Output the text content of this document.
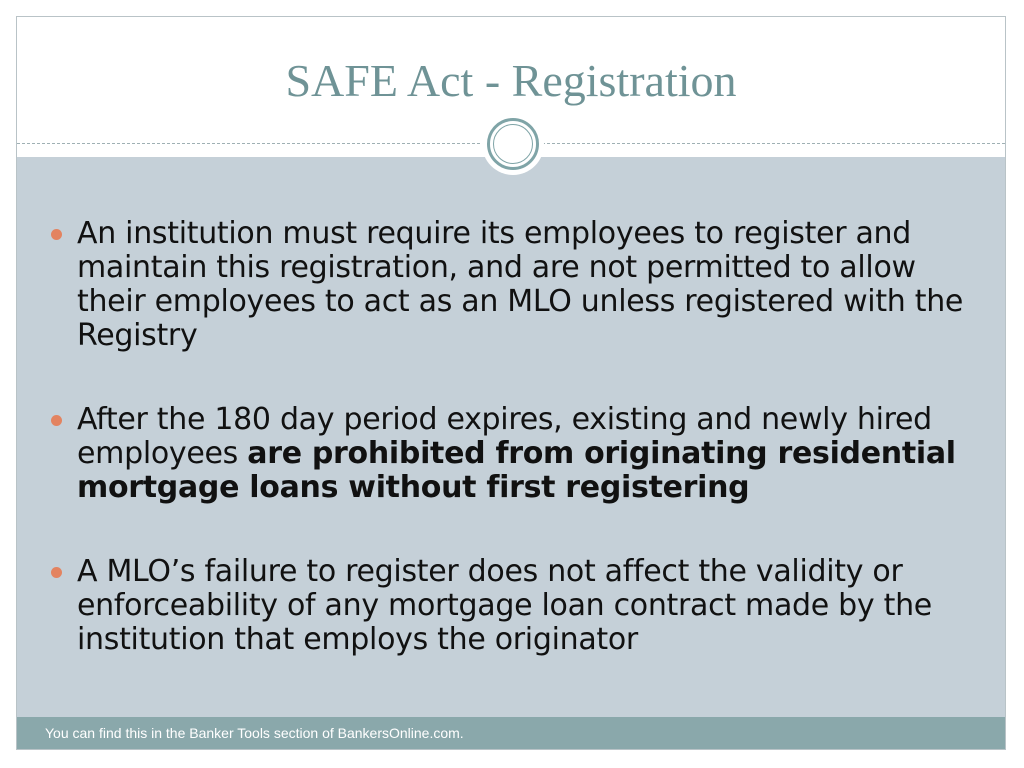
SAFE Act - Registration
An institution must require its employees to register and maintain this registration, and are not permitted to allow their employees to act as an MLO unless registered with the Registry
After the 180 day period expires, existing and newly hired employees are prohibited from originating residential mortgage loans without first registering
A MLO’s failure to register does not affect the validity or enforceability of any mortgage loan contract made by the institution that employs the originator
You can find this in the Banker Tools section of BankersOnline.com.
